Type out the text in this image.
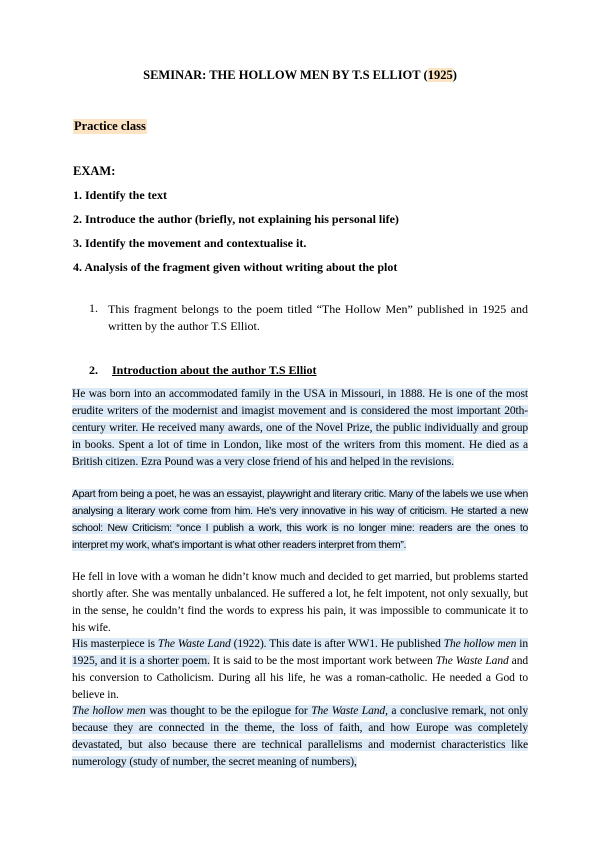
SEMINAR: THE HOLLOW MEN BY T.S ELLIOT (1925)
Practice class
EXAM:
1. Identify the text
2. Introduce the author (briefly, not explaining his personal life)
3. Identify the movement and contextualise it.
4. Analysis of the fragment given without writing about the plot
1. This fragment belongs to the poem titled “The Hollow Men” published in 1925 and written by the author T.S Elliot.
2. Introduction about the author T.S Elliot
He was born into an accommodated family in the USA in Missouri, in 1888. He is one of the most erudite writers of the modernist and imagist movement and is considered the most important 20th-century writer. He received many awards, one of the Novel Prize, the public individually and group in books. Spent a lot of time in London, like most of the writers from this moment. He died as a British citizen. Ezra Pound was a very close friend of his and helped in the revisions.
Apart from being a poet, he was an essayist, playwright and literary critic. Many of the labels we use when analysing a literary work come from him. He’s very innovative in his way of criticism. He started a new school: New Criticism: “once I publish a work, this work is no longer mine: readers are the ones to interpret my work, what’s important is what other readers interpret from them”.
He fell in love with a woman he didn’t know much and decided to get married, but problems started shortly after. She was mentally unbalanced. He suffered a lot, he felt impotent, not only sexually, but in the sense, he couldn’t find the words to express his pain, it was impossible to communicate it to his wife.
His masterpiece is The Waste Land (1922). This date is after WW1. He published The hollow men in 1925, and it is a shorter poem. It is said to be the most important work between The Waste Land and his conversion to Catholicism. During all his life, he was a roman-catholic. He needed a God to believe in.
The hollow men was thought to be the epilogue for The Waste Land, a conclusive remark, not only because they are connected in the theme, the loss of faith, and how Europe was completely devastated, but also because there are technical parallelisms and modernist characteristics like numerology (study of number, the secret meaning of numbers),
